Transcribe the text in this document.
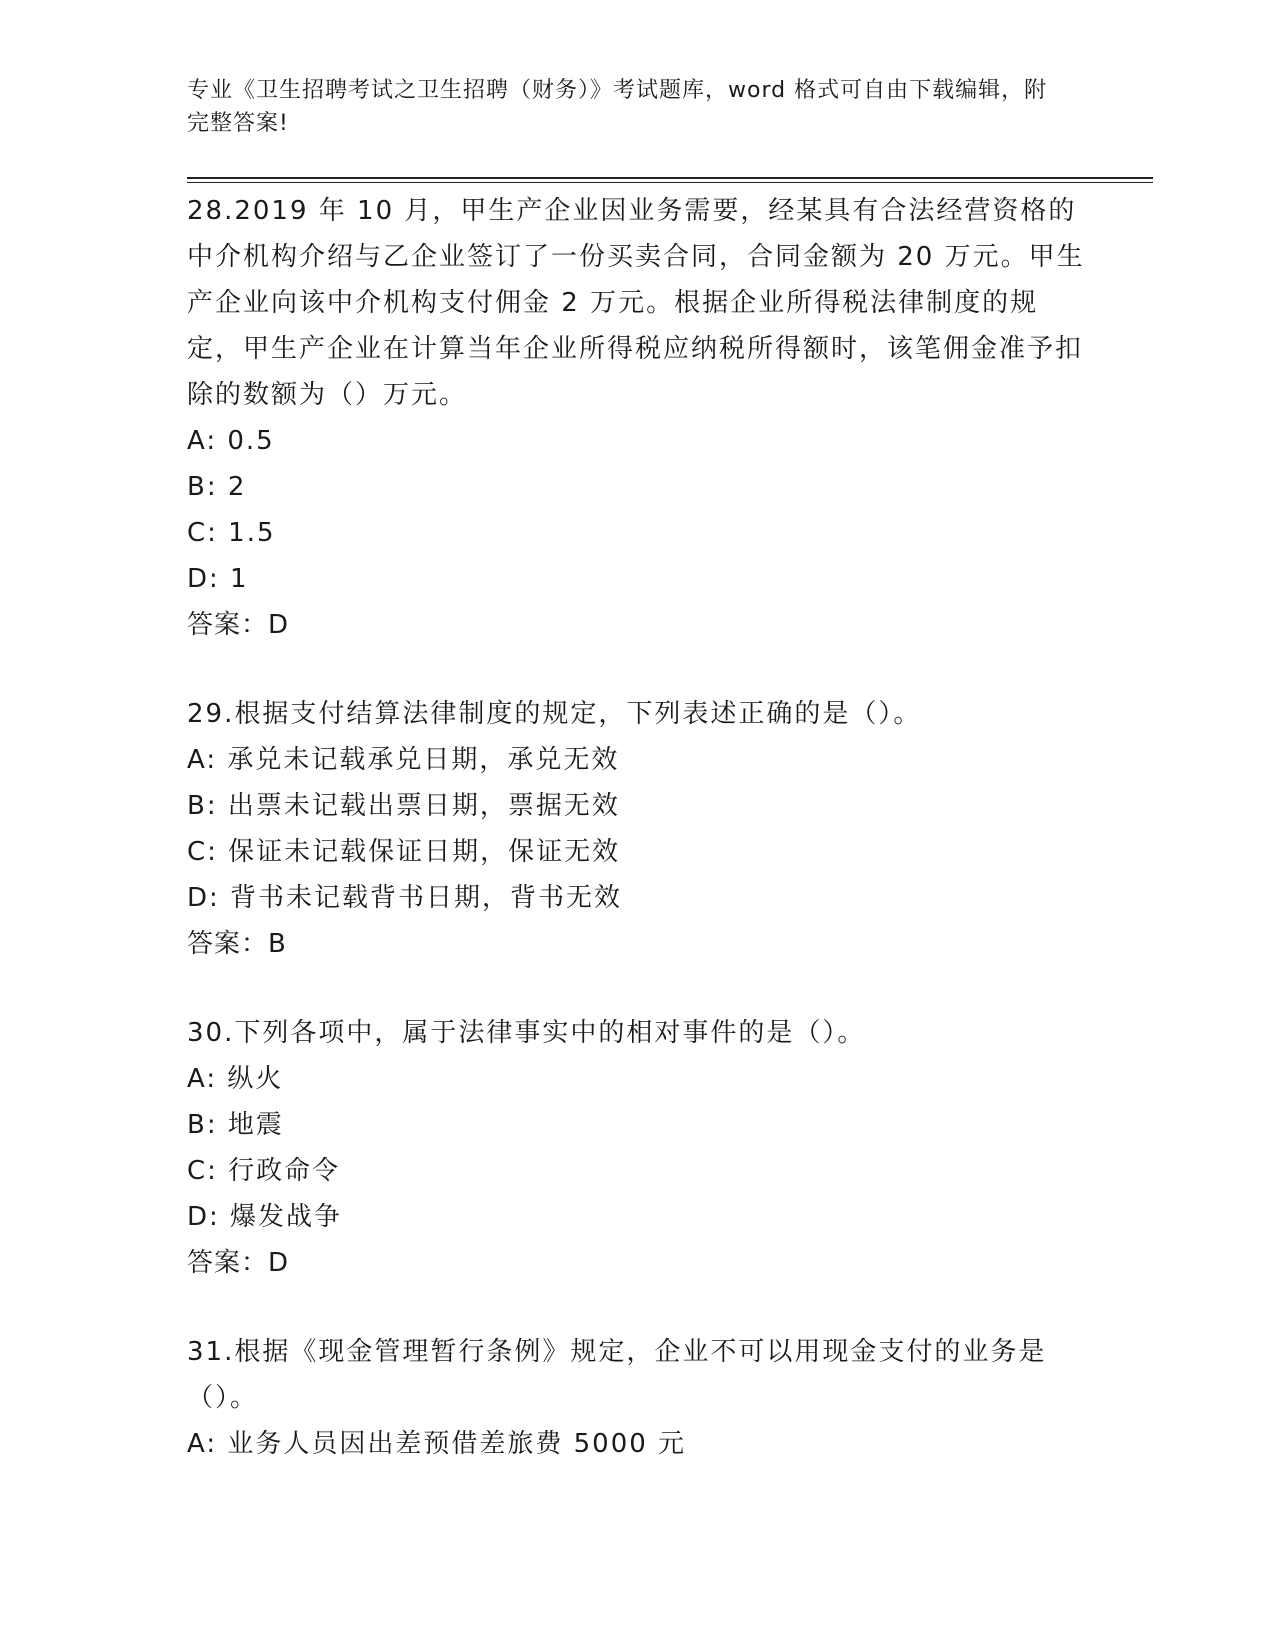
专业《卫生招聘考试之卫生招聘（财务）》考试题库，word 格式可自由下载编辑，附完整答案!

28.2019 年 10 月，甲生产企业因业务需要，经某具有合法经营资格的中介机构介绍与乙企业签订了一份买卖合同，合同金额为 20 万元。甲生产企业向该中介机构支付佣金 2 万元。根据企业所得税法律制度的规定，甲生产企业在计算当年企业所得税应纳税所得额时，该笔佣金准予扣除的数额为（）万元。

A: 0.5

B: 2

C: 1.5

D: 1

答案：D

29.根据支付结算法律制度的规定，下列表述正确的是（）。

A: 承兑未记载承兑日期，承兑无效

B: 出票未记载出票日期，票据无效

C: 保证未记载保证日期，保证无效

D: 背书未记载背书日期，背书无效

答案：B

30.下列各项中，属于法律事实中的相对事件的是（）。

A: 纵火

B: 地震

C: 行政命令

D: 爆发战争

答案：D

31.根据《现金管理暂行条例》规定，企业不可以用现金支付的业务是（）。

A: 业务人员因出差预借差旅费 5000 元
